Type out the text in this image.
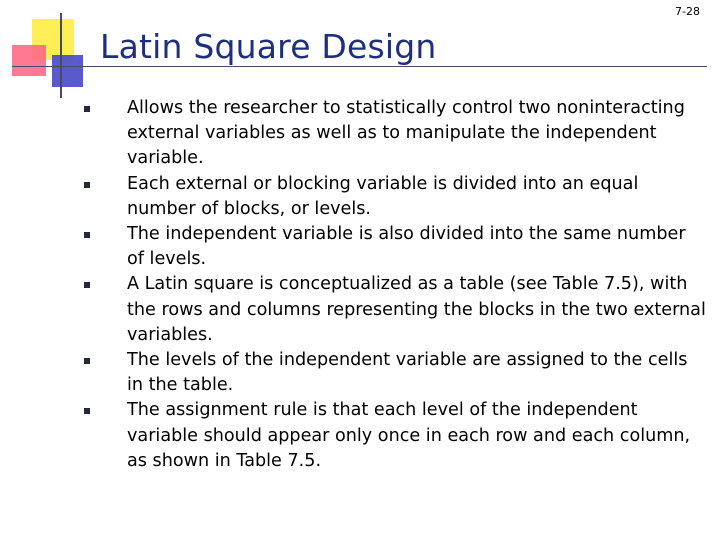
7-28
Latin Square Design
Allows the researcher to statistically control two noninteracting external variables as well as to manipulate the independent variable.
Each external or blocking variable is divided into an equal number of blocks, or levels.
The independent variable is also divided into the same number of levels.
A Latin square is conceptualized as a table (see Table 7.5), with the rows and columns representing the blocks in the two external variables.
The levels of the independent variable are assigned to the cells in the table.
The assignment rule is that each level of the independent variable should appear only once in each row and each column, as shown in Table 7.5.
